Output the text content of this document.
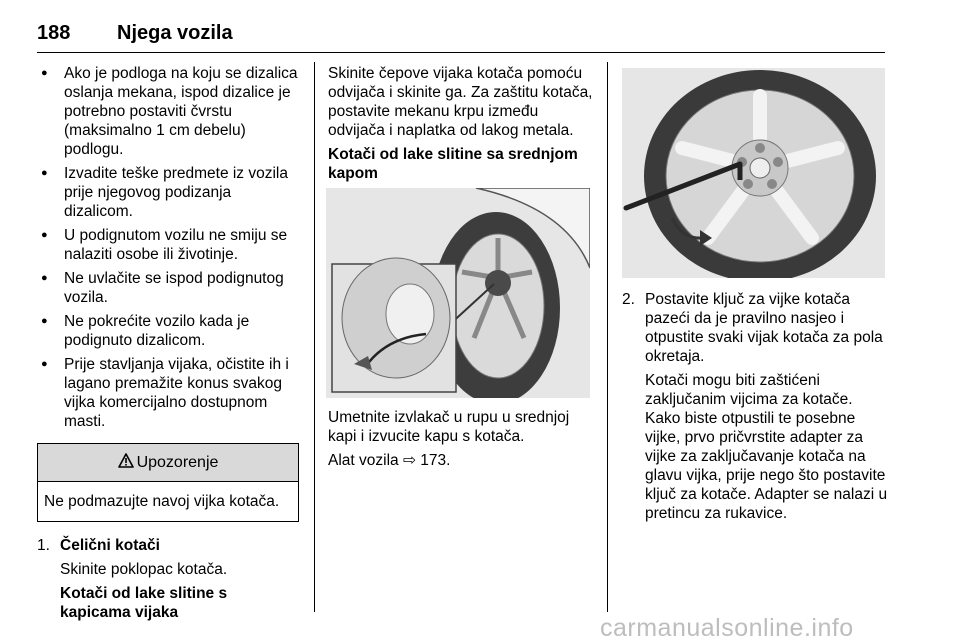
188 Njega vozila
● Ako je podloga na koju se dizalica oslanja mekana, ispod dizalice je potrebno postaviti čvrstu (maksimalno 1 cm debelu) podlogu.
● Izvadite teške predmete iz vozila prije njegovog podizanja dizalicom.
● U podignutom vozilu ne smiju se nalaziti osobe ili životinje.
● Ne uvlačite se ispod podignutog vozila.
● Ne pokrećite vozilo kada je podignuto dizalicom.
● Prije stavljanja vijaka, očistite ih i lagano premažite konus svakog vijka komercijalno dostupnom masti.
Upozorenje
Ne podmazujte navoj vijka kotača.
1. Čelični kotači

Skinite poklopac kotača.

Kotači od lake slitine s kapicama vijaka

Skinite čepove vijaka kotača pomoću odvijača i skinite ga. Za zaštitu kotača, postavite mekanu krpu između odvijača i naplatka od lakog metala.

Kotači od lake slitine sa srednjom kapom

Umetnite izvlakač u rupu u srednjoj kapi i izvucite kapu s kotača.

Alat vozila ⇨ 173.

2. Postavite ključ za vijke kotača pazeći da je pravilno nasjeo i otpustite svaki vijak kotača za pola okretaja.

Kotači mogu biti zaštićeni zaključanim vijcima za kotače. Kako biste otpustili te posebne vijke, prvo pričvrstite adapter za vijke za zaključavanje kotača na glavu vijka, prije nego što postavite ključ za kotače. Adapter se nalazi u pretincu za rukavice.

carmanualsonline.info
